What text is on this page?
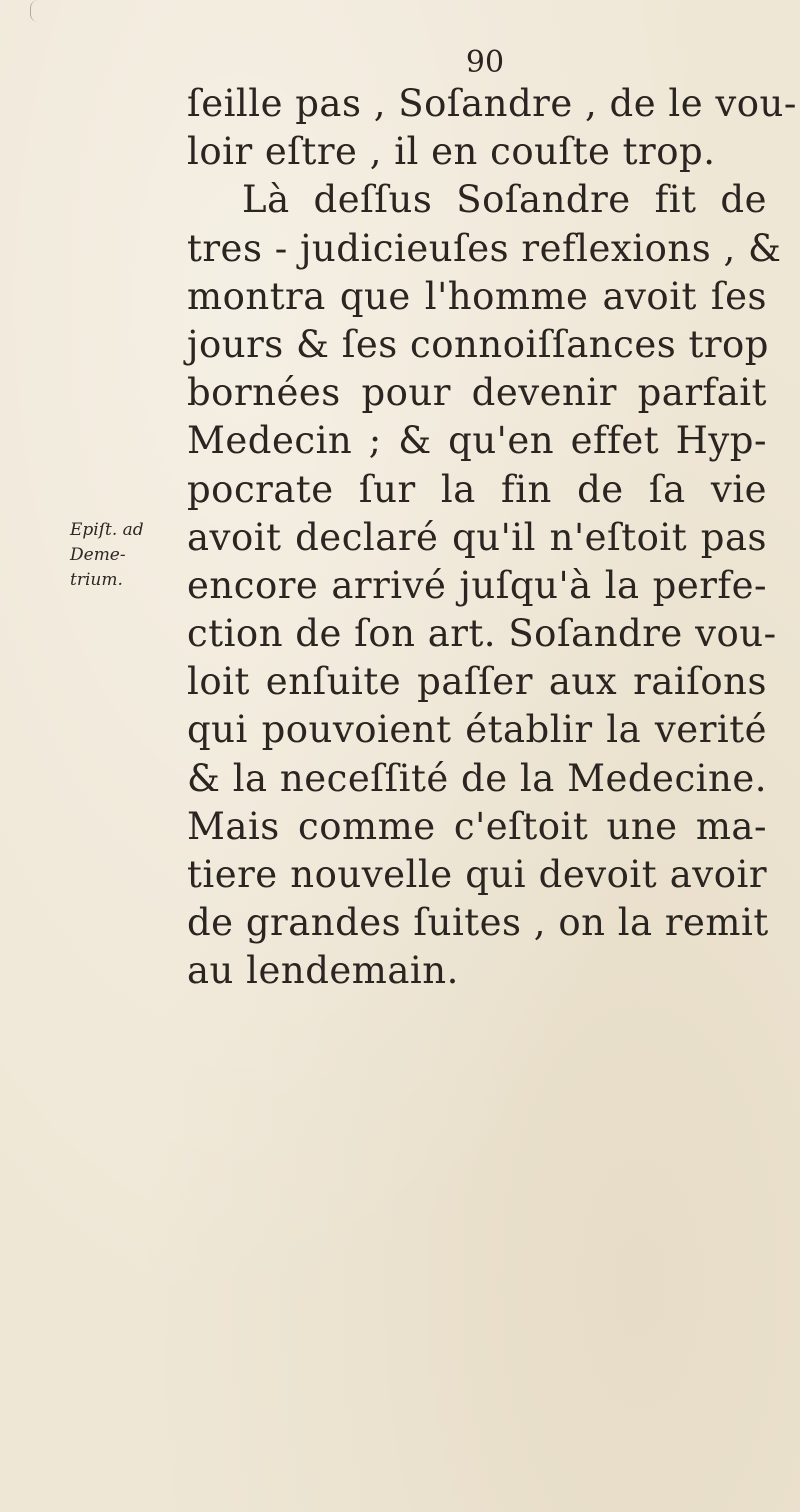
90
ſeille pas , Soſandre , de le vou-
loir eſtre , il en couſte trop.
Là deſſus Soſandre fit de
tres - judicieuſes reflexions , &
montra que l'homme avoit ſes
jours & ſes connoiſſances trop
bornées pour devenir parfait
Medecin ; & qu'en effet Hyp-
pocrate ſur la fin de ſa vie
avoit declaré qu'il n'eſtoit pas
encore arrivé juſqu'à la perfe-
ction de ſon art. Soſandre vou-
loit enſuite paſſer aux raiſons
qui pouvoient établir la verité
& la neceſſité de la Medecine.
Mais comme c'eſtoit une ma-
tiere nouvelle qui devoit avoir
de grandes ſuites , on la remit
au lendemain.
Epiſt. ad
Deme-
trium.
